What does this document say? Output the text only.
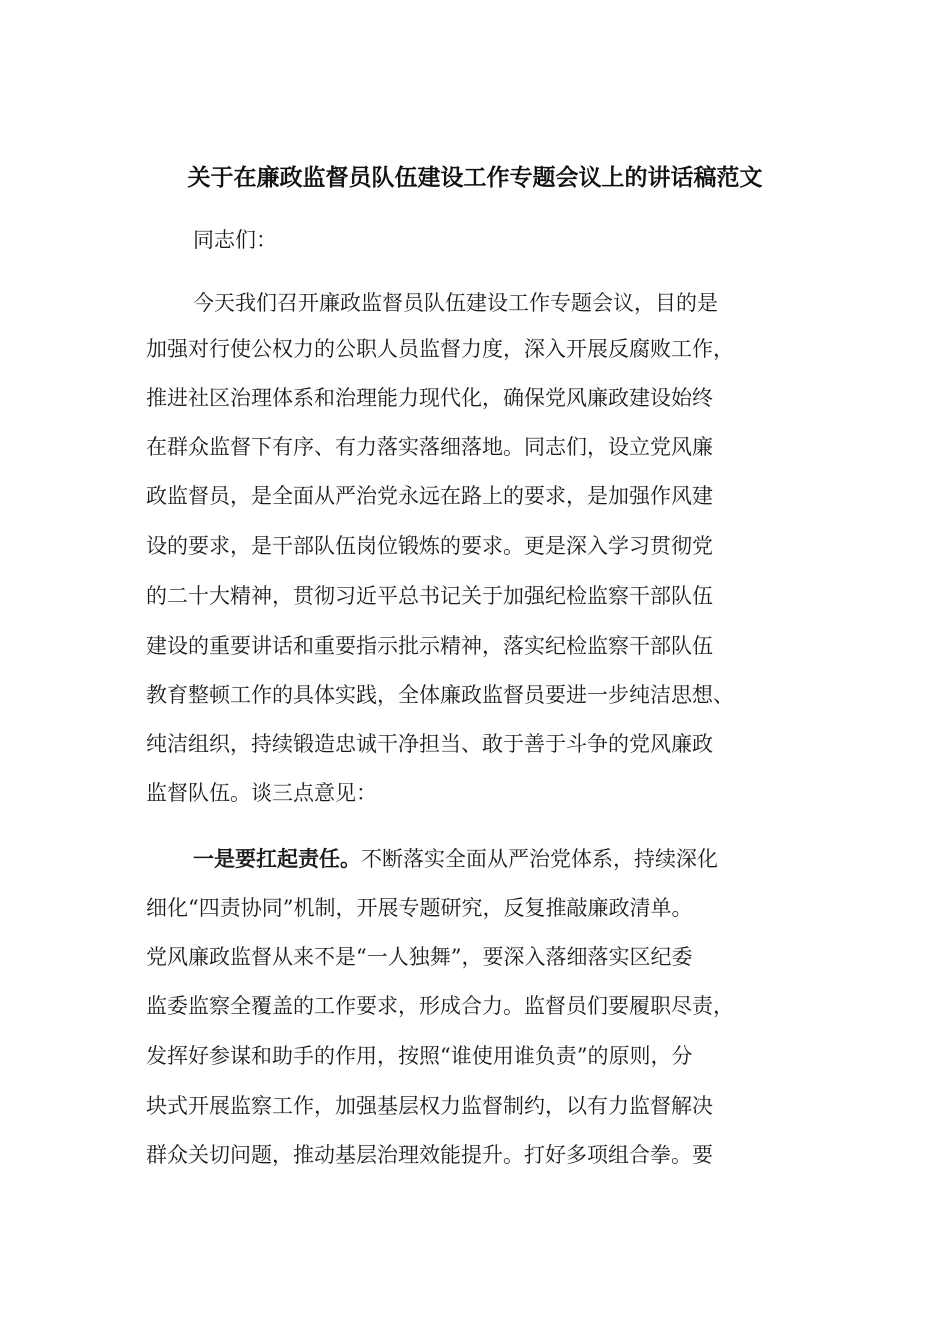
关于在廉政监督员队伍建设工作专题会议上的讲话稿范文

同志们：

今天我们召开廉政监督员队伍建设工作专题会议，目的是

加强对行使公权力的公职人员监督力度，深入开展反腐败工作，

推进社区治理体系和治理能力现代化，确保党风廉政建设始终

在群众监督下有序、有力落实落细落地。同志们，设立党风廉

政监督员，是全面从严治党永远在路上的要求，是加强作风建

设的要求，是干部队伍岗位锻炼的要求。更是深入学习贯彻党

的二十大精神，贯彻习近平总书记关于加强纪检监察干部队伍

建设的重要讲话和重要指示批示精神，落实纪检监察干部队伍

教育整顿工作的具体实践，全体廉政监督员要进一步纯洁思想、

纯洁组织，持续锻造忠诚干净担当、敢于善于斗争的党风廉政

监督队伍。谈三点意见：

一是要扛起责任。不断落实全面从严治党体系，持续深化

细化“四责协同”机制，开展专题研究，反复推敲廉政清单。

党风廉政监督从来不是“一人独舞”，要深入落细落实区纪委

监委监察全覆盖的工作要求，形成合力。监督员们要履职尽责，

发挥好参谋和助手的作用，按照“谁使用谁负责”的原则，分

块式开展监察工作，加强基层权力监督制约，以有力监督解决

群众关切问题，推动基层治理效能提升。打好多项组合拳。要
